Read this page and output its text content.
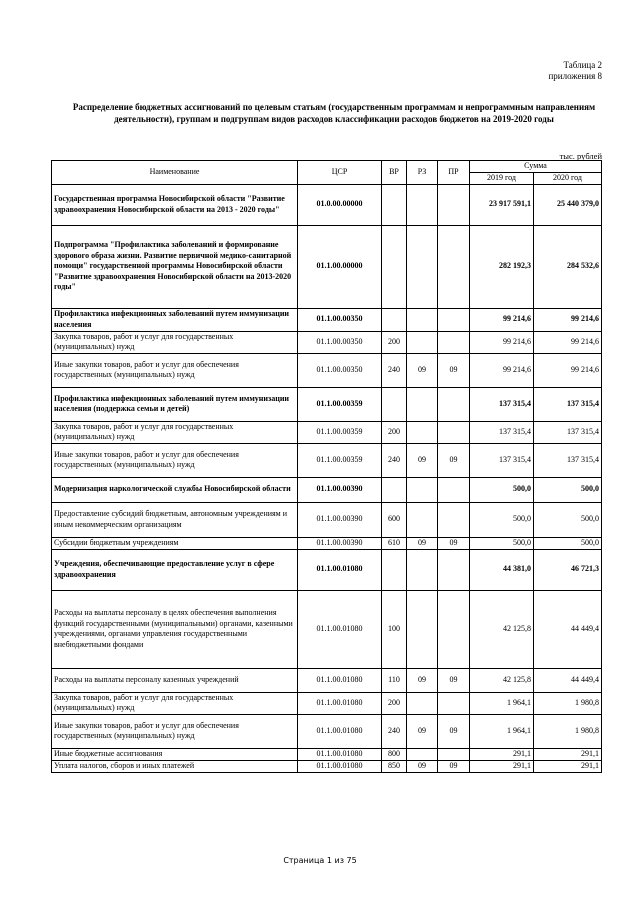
Таблица 2
приложения 8
Распределение бюджетных ассигнований по целевым статьям (государственным программам и непрограммным направлениям деятельности), группам и подгруппам видов расходов классификации расходов бюджетов на 2019-2020 годы
тыс. рублей
Наименование	ЦСР	ВР	РЗ	ПР	Сумма	
					2019 год	2020 год
Государственная программа Новосибирской области "Развитие здравоохранения Новосибирской области на 2013 - 2020 годы"	01.0.00.00000				23 917 591,1	25 440 379,0
Подпрограмма "Профилактика заболеваний и формирование здорового образа жизни. Развитие первичной медико-санитарной помощи" государственной программы Новосибирской области "Развитие здравоохранения Новосибирской области на 2013-2020 годы"	01.1.00.00000				282 192,3	284 532,6
Профилактика инфекционных заболеваний путем иммунизации населения	01.1.00.00350				99 214,6	99 214,6
Закупка товаров, работ и услуг для государственных (муниципальных) нужд	01.1.00.00350	200			99 214,6	99 214,6
Иные закупки товаров, работ и услуг для обеспечения государственных (муниципальных) нужд	01.1.00.00350	240	09	09	99 214,6	99 214,6
Профилактика инфекционных заболеваний путем иммунизации населения (поддержка семьи и детей)	01.1.00.00359				137 315,4	137 315,4
Закупка товаров, работ и услуг для государственных (муниципальных) нужд	01.1.00.00359	200			137 315,4	137 315,4
Иные закупки товаров, работ и услуг для обеспечения государственных (муниципальных) нужд	01.1.00.00359	240	09	09	137 315,4	137 315,4
Модернизация наркологической службы Новосибирской области	01.1.00.00390				500,0	500,0
Предоставление субсидий бюджетным, автономным учреждениям и иным некоммерческим организациям	01.1.00.00390	600			500,0	500,0
Субсидии бюджетным учреждениям	01.1.00.00390	610	09	09	500,0	500,0
Учреждения, обеспечивающие предоставление услуг в сфере здравоохранения	01.1.00.01080				44 381,0	46 721,3
Расходы на выплаты персоналу в целях обеспечения выполнения функций государственными (муниципальными) органами, казенными учреждениями, органами управления государственными внебюджетными фондами	01.1.00.01080	100			42 125,8	44 449,4
Расходы на выплаты персоналу казенных учреждений	01.1.00.01080	110	09	09	42 125,8	44 449,4
Закупка товаров, работ и услуг для государственных (муниципальных) нужд	01.1.00.01080	200			1 964,1	1 980,8
Иные закупки товаров, работ и услуг для обеспечения государственных (муниципальных) нужд	01.1.00.01080	240	09	09	1 964,1	1 980,8
Иные бюджетные ассигнования	01.1.00.01080	800			291,1	291,1
Уплата налогов, сборов и иных платежей	01.1.00.01080	850	09	09	291,1	291,1
Страница 1 из 75
